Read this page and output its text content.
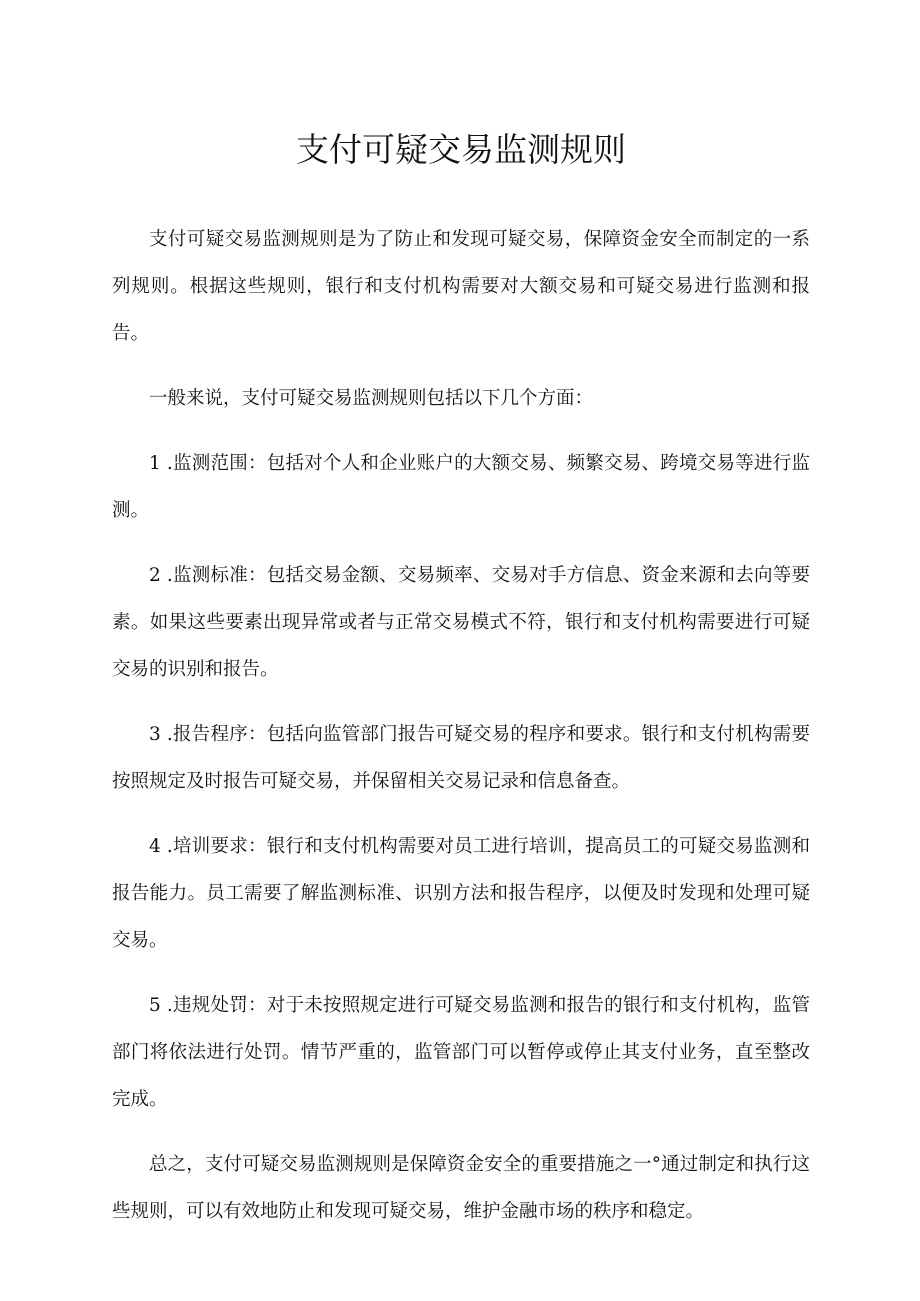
支付可疑交易监测规则

支付可疑交易监测规则是为了防止和发现可疑交易，保障资金安全而制定的一系列规则。根据这些规则，银行和支付机构需要对大额交易和可疑交易进行监测和报告。

一般来说，支付可疑交易监测规则包括以下几个方面：

1 .监测范围：包括对个人和企业账户的大额交易、频繁交易、跨境交易等进行监测。

2 .监测标准：包括交易金额、交易频率、交易对手方信息、资金来源和去向等要素。如果这些要素出现异常或者与正常交易模式不符，银行和支付机构需要进行可疑交易的识别和报告。

3 .报告程序：包括向监管部门报告可疑交易的程序和要求。银行和支付机构需要按照规定及时报告可疑交易，并保留相关交易记录和信息备查。

4 .培训要求：银行和支付机构需要对员工进行培训，提高员工的可疑交易监测和报告能力。员工需要了解监测标准、识别方法和报告程序，以便及时发现和处理可疑交易。

5 .违规处罚：对于未按照规定进行可疑交易监测和报告的银行和支付机构，监管部门将依法进行处罚。情节严重的，监管部门可以暂停或停止其支付业务，直至整改完成。

总之，支付可疑交易监测规则是保障资金安全的重要措施之一°通过制定和执行这些规则，可以有效地防止和发现可疑交易，维护金融市场的秩序和稳定。
